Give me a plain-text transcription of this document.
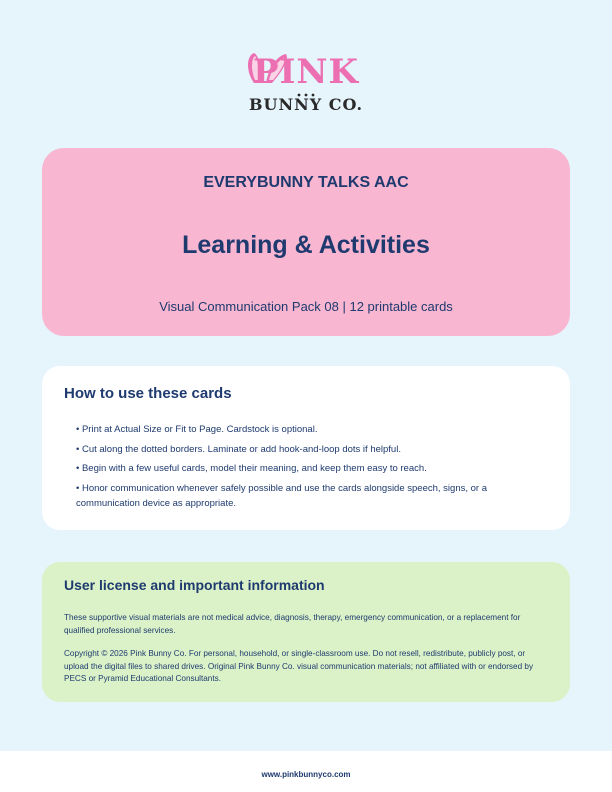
PINK
BUNNY CO.
EVERYBUNNY TALKS AAC
Learning & Activities
Visual Communication Pack 08 | 12 printable cards
How to use these cards
• Print at Actual Size or Fit to Page. Cardstock is optional.
• Cut along the dotted borders. Laminate or add hook-and-loop dots if helpful.
• Begin with a few useful cards, model their meaning, and keep them easy to reach.
• Honor communication whenever safely possible and use the cards alongside speech, signs, or a communication device as appropriate.
User license and important information

These supportive visual materials are not medical advice, diagnosis, therapy, emergency communication, or a replacement for qualified professional services.

Copyright © 2026 Pink Bunny Co. For personal, household, or single-classroom use. Do not resell, redistribute, publicly post, or upload the digital files to shared drives. Original Pink Bunny Co. visual communication materials; not affiliated with or endorsed by PECS or Pyramid Educational Consultants.

www.pinkbunnyco.com
